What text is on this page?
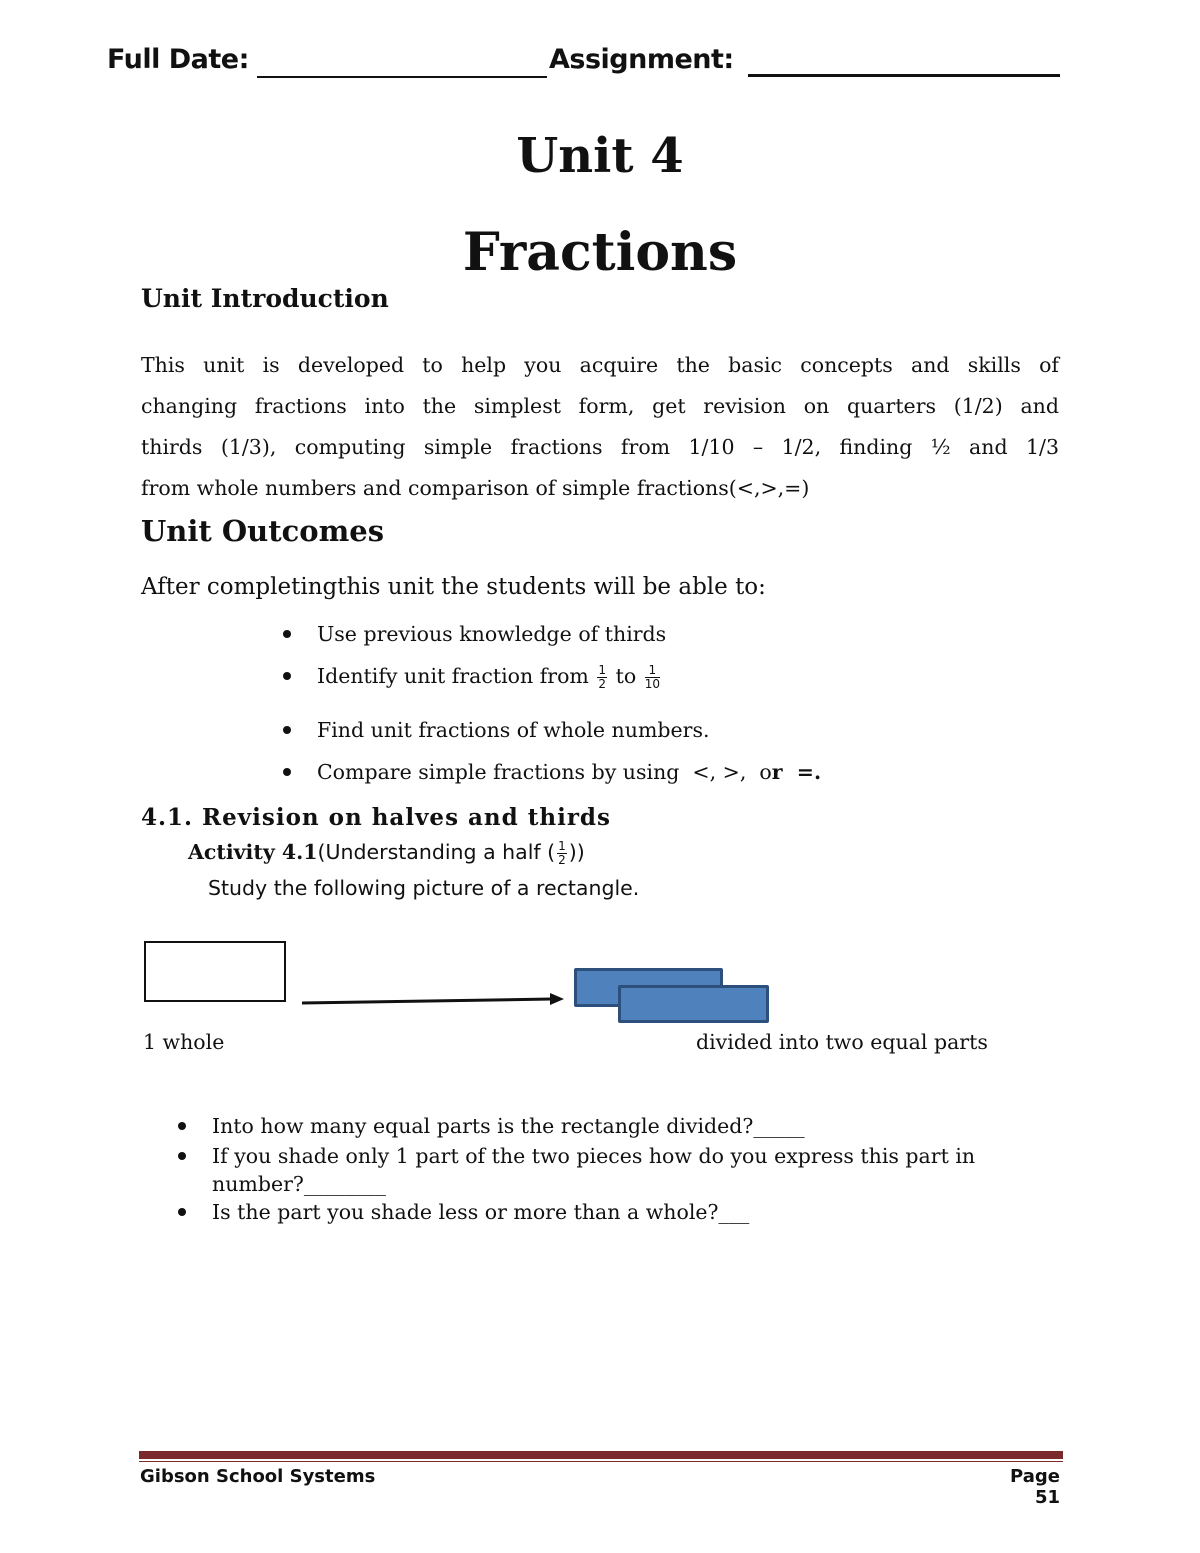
Full Date:	Assignment:
Unit 4
Fractions
Unit Introduction
This unit is developed to help you acquire the basic concepts and skills of
changing fractions into the simplest form, get revision on quarters (1/2) and
thirds (1/3), computing simple fractions from 1/10 – 1/2, finding ½ and 1/3
from whole numbers and comparison of simple fractions(<,>,=)
Unit Outcomes
After completingthis unit the students will be able to:
Use previous knowledge of thirds
Identify unit fraction from $\frac{1}{2}$ to $\frac{1}{10}$
Find unit fractions of whole numbers.
Compare simple fractions by using  <, >,  or  =.
4.1. Revision on halves and thirds
Activity 4.1(Understanding a half ( $\frac{1}{2}$ ))
Study the following picture of a rectangle.
1 whole	divided into two equal parts
Into how many equal parts is the rectangle divided?_____
If you shade only 1 part of the two pieces how do you express this part in
number?________
Is the part you shade less or more than a whole?___
Gibson School Systems	Page 51
